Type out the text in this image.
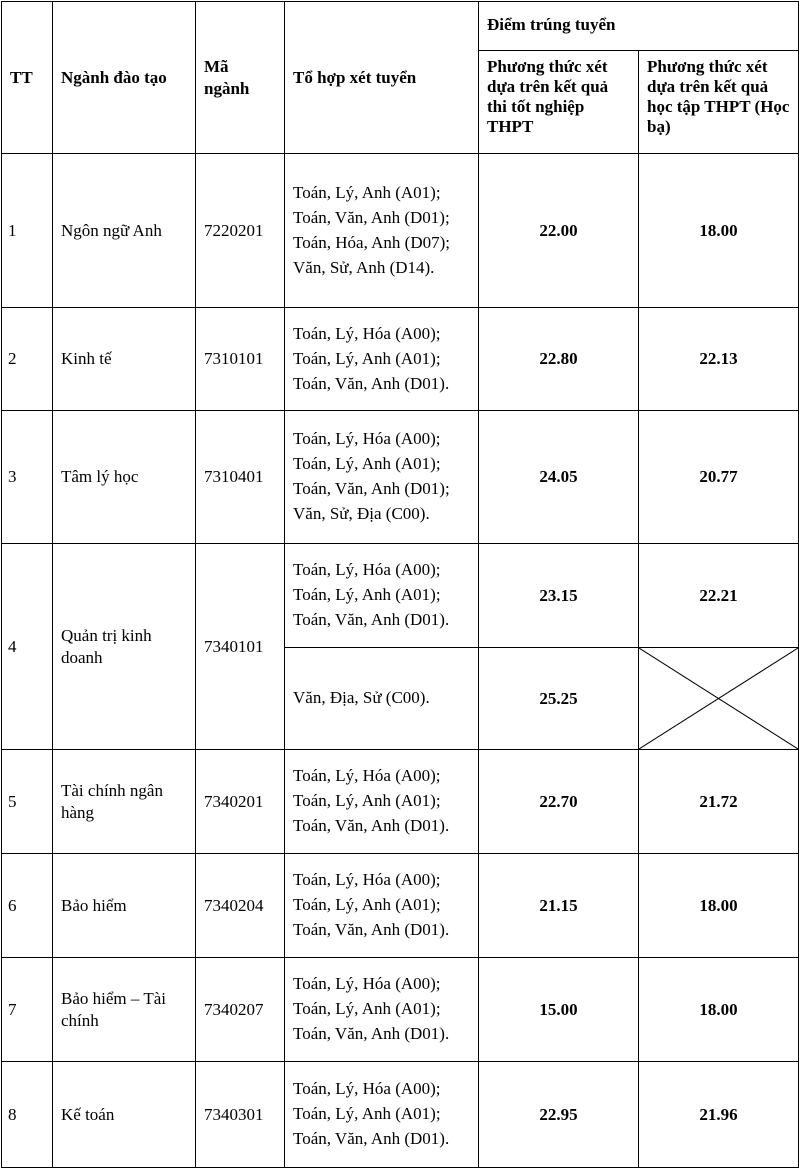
TT	Ngành đào tạo	Mã ngành	Tổ hợp xét tuyển	Điểm trúng tuyển	
				Phương thức xét dựa trên kết quả thi tốt nghiệp THPT	Phương thức xét dựa trên kết quả học tập THPT (Học bạ)
1	Ngôn ngữ Anh	7220201	Toán, Lý, Anh (A01);
Toán, Văn, Anh (D01);
Toán, Hóa, Anh (D07);
Văn, Sử, Anh (D14).	22.00	18.00
2	Kinh tế	7310101	Toán, Lý, Hóa (A00);
Toán, Lý, Anh (A01);
Toán, Văn, Anh (D01).	22.80	22.13
3	Tâm lý học	7310401	Toán, Lý, Hóa (A00);
Toán, Lý, Anh (A01);
Toán, Văn, Anh (D01);
Văn, Sử, Địa (C00).	24.05	20.77
4	Quản trị kinh doanh	7340101	Toán, Lý, Hóa (A00);
Toán, Lý, Anh (A01);
Toán, Văn, Anh (D01).	23.15	22.21

			Văn, Địa, Sử (C00).	25.25	

5	Tài chính ngân hàng	7340201	Toán, Lý, Hóa (A00);
Toán, Lý, Anh (A01);
Toán, Văn, Anh (D01).	22.70	21.72
6	Bảo hiểm	7340204	Toán, Lý, Hóa (A00);
Toán, Lý, Anh (A01);
Toán, Văn, Anh (D01).	21.15	18.00
7	Bảo hiểm – Tài chính	7340207	Toán, Lý, Hóa (A00);
Toán, Lý, Anh (A01);
Toán, Văn, Anh (D01).	15.00	18.00
8	Kế toán	7340301	Toán, Lý, Hóa (A00);
Toán, Lý, Anh (A01);
Toán, Văn, Anh (D01).	22.95	21.96
